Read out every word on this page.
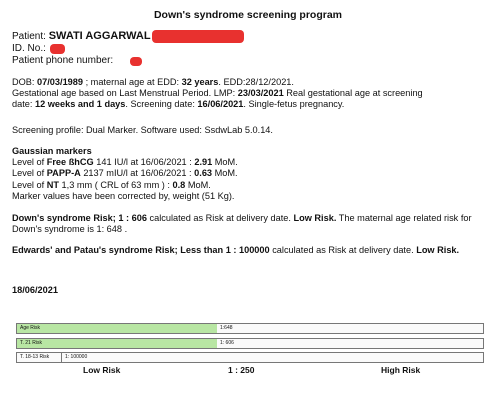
Down's syndrome screening program
Patient: SWATI AGGARWAL
ID. No.:
Patient phone number:

DOB: 07/03/1989 ; maternal age at EDD: 32 years. EDD:28/12/2021.

Gestational age based on Last Menstrual Period. LMP: 23/03/2021 Real gestational age at screening

date: 12 weeks and 1 days. Screening date: 16/06/2021. Single-fetus pregnancy.

Screening profile: Dual Marker. Software used: SsdwLab 5.0.14.

Gaussian markers

Level of Free ßhCG 141 IU/l at 16/06/2021 : 2.91 MoM.

Level of PAPP-A 2137 mIU/l at 16/06/2021 : 0.63 MoM.

Level of NT 1,3 mm ( CRL of 63 mm ) : 0.8 MoM.

Marker values have been corrected by, weight (51 Kg).

Down's syndrome Risk; 1 : 606 calculated as Risk at delivery date. Low Risk. The maternal age related risk for Down's syndrome is 1: 648 .
Edwards' and Patau's syndrome Risk; Less than 1 : 100000 calculated as Risk at delivery date. Low Risk.
18/06/2021
Age Risk	1:648
T. 21 Risk	1: 606
T. 18-13 Risk	1: 100000
Low Risk	1 : 250	High Risk
